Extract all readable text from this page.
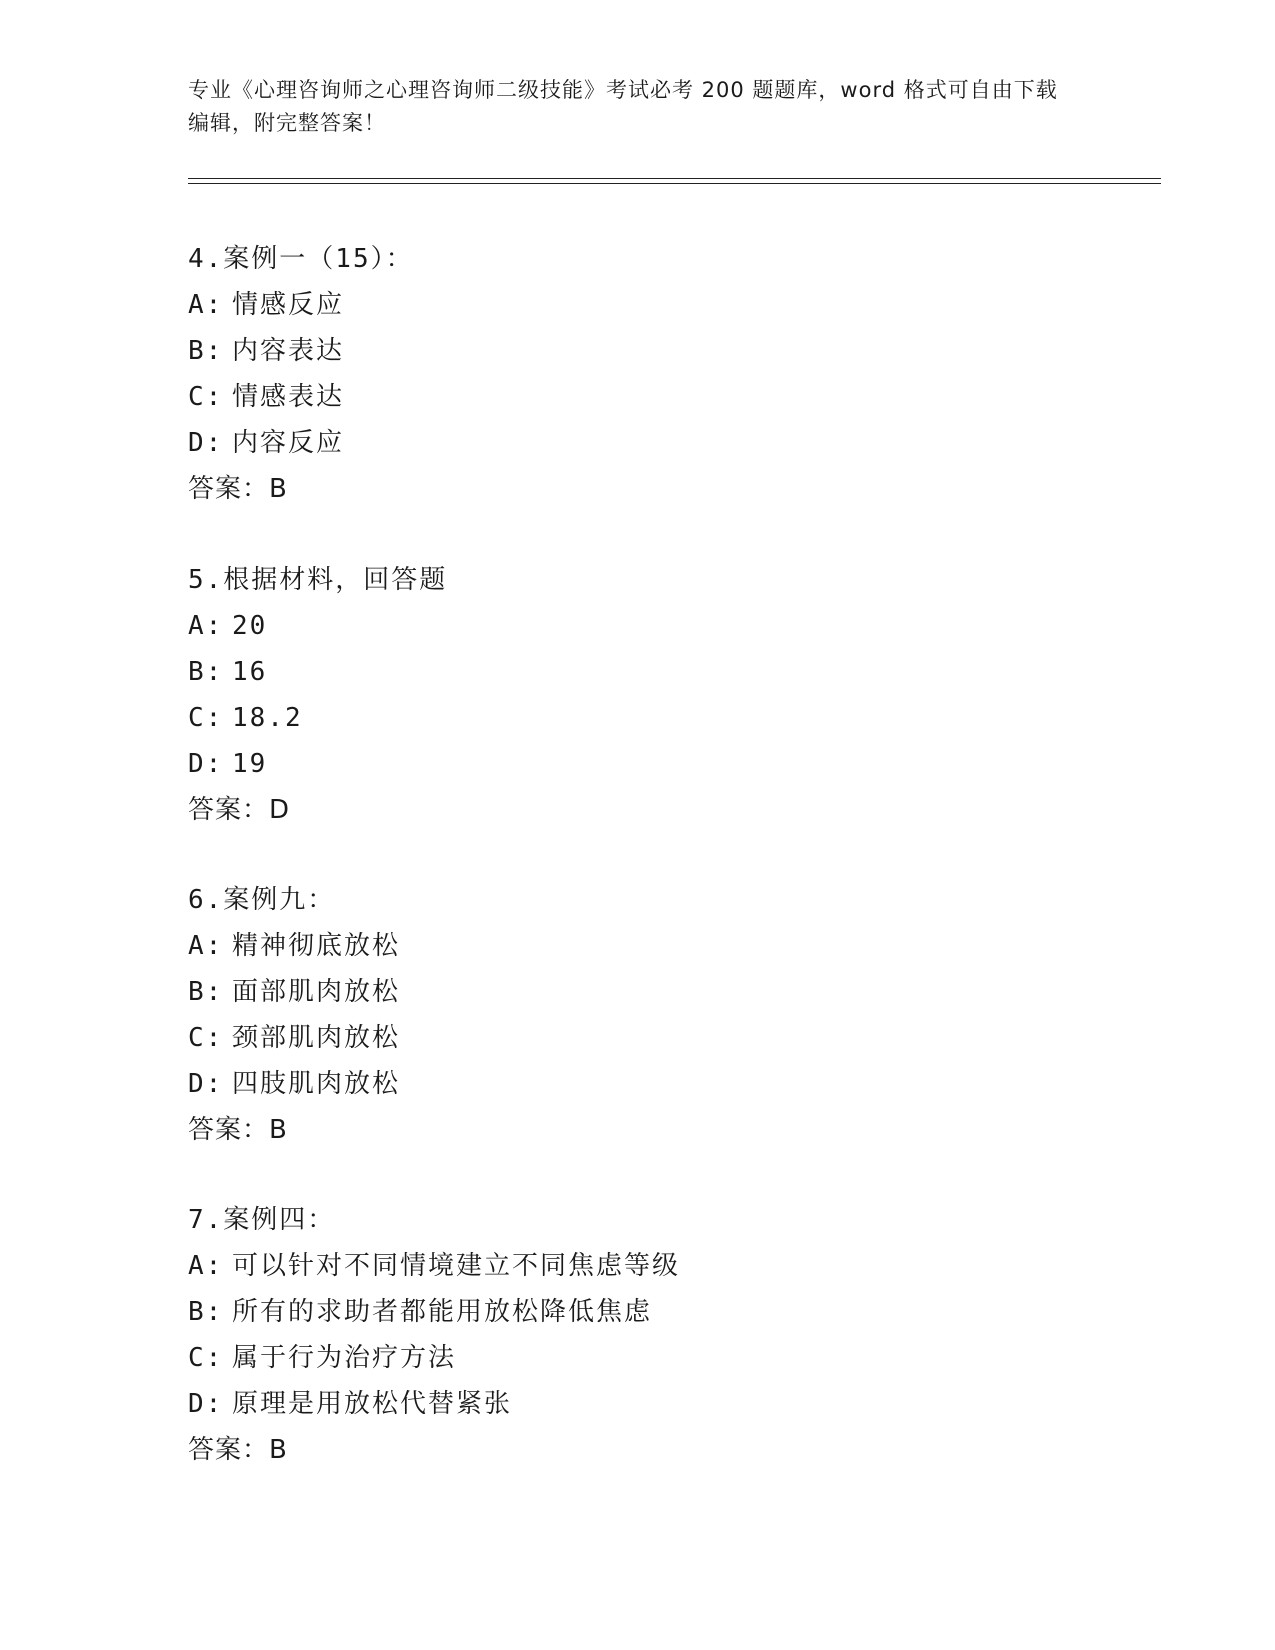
专业《心理咨询师之心理咨询师二级技能》考试必考 200 题题库，word 格式可自由下载编辑，附完整答案！
4.案例一（15）：
A: 情感反应
B: 内容表达
C: 情感表达
D: 内容反应
答案：B
5.根据材料，回答题
A: 20
B: 16
C: 18.2
D: 19
答案：D
6.案例九：
A: 精神彻底放松
B: 面部肌肉放松
C: 颈部肌肉放松
D: 四肢肌肉放松
答案：B
7.案例四：
A: 可以针对不同情境建立不同焦虑等级
B: 所有的求助者都能用放松降低焦虑
C: 属于行为治疗方法
D: 原理是用放松代替紧张
答案：B
